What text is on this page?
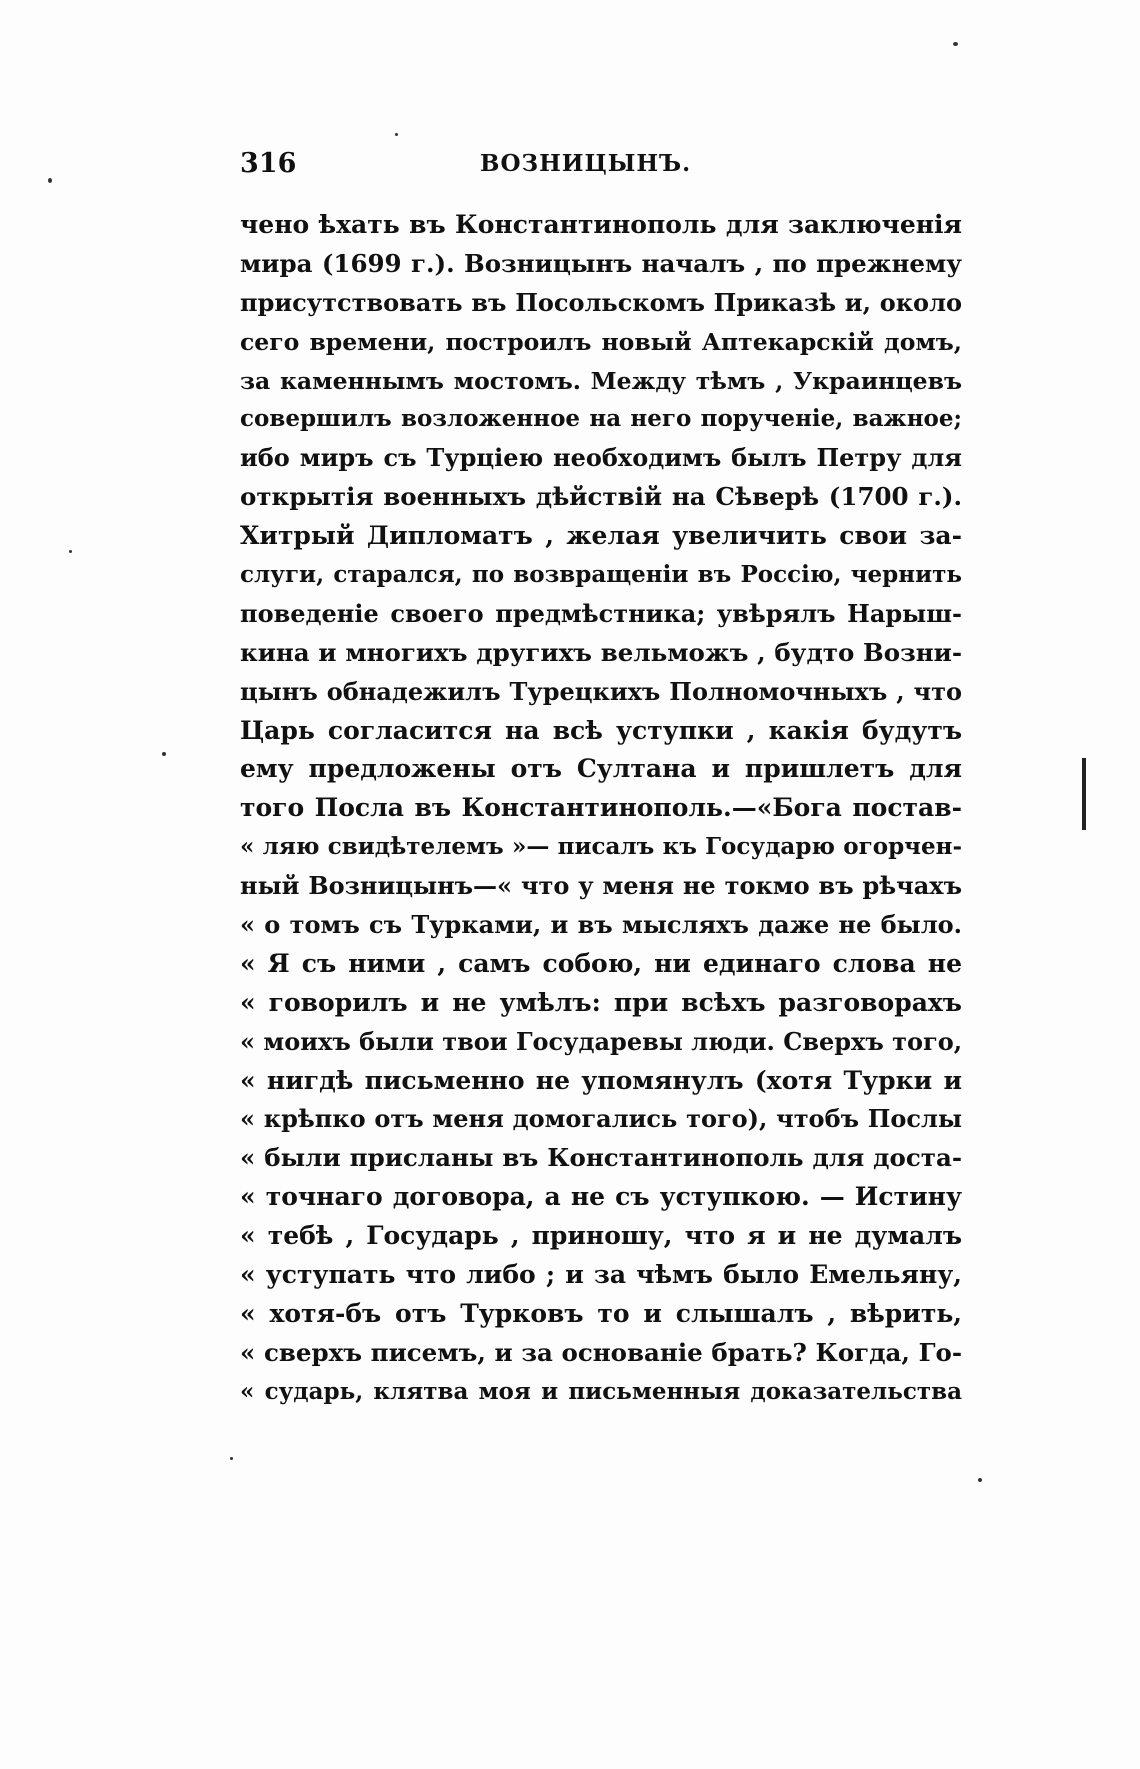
316	ВОЗНИЦЫНЪ.
чено ѣхать въ Константинополь для заключенія
мира (1699 г.). Возницынъ началъ , по прежнему
присутствовать въ Посольскомъ Приказѣ и, около
сего времени, построилъ новый Аптекарскій домъ,
за каменнымъ мостомъ. Между тѣмъ , Украинцевъ
совершилъ возложенное на него порученіе, важное;
ибо миръ съ Турціею необходимъ былъ Петру для
открытія военныхъ дѣйствій на Сѣверѣ (1700 г.).
Хитрый Дипломатъ , желая увеличить свои за-
слуги, старался, по возвращеніи въ Россію, чернить
поведеніе своего предмѣстника; увѣрялъ Нарыш-
кина и многихъ другихъ вельможъ , будто Возни-
цынъ обнадежилъ Турецкихъ Полномочныхъ , что
Царь согласится на всѣ уступки , какія будутъ
ему предложены отъ Султана и пришлетъ для
того Посла въ Константинополь.—«Бога постав-
« ляю свидѣтелемъ »— писалъ къ Государю огорчен-
ный Возницынъ—« что у меня не токмо въ рѣчахъ
« о томъ съ Турками, и въ мысляхъ даже не было.
« Я съ ними , самъ собою, ни единаго слова не
« говорилъ и не умѣлъ: при всѣхъ разговорахъ
« моихъ были твои Государевы люди. Сверхъ того,
« нигдѣ письменно не упомянулъ (хотя Турки и
« крѣпко отъ меня домогались того), чтобъ Послы
« были присланы въ Константинополь для доста-
« точнаго договора, а не съ уступкою. — Истину
« тебѣ , Государь , приношу, что я и не думалъ
« уступать что либо ; и за чѣмъ было Емельяну,
« хотя-бъ отъ Турковъ то и слышалъ , вѣрить,
« сверхъ писемъ, и за основаніе брать? Когда, Го-
« сударь, клятва моя и письменныя доказательства
